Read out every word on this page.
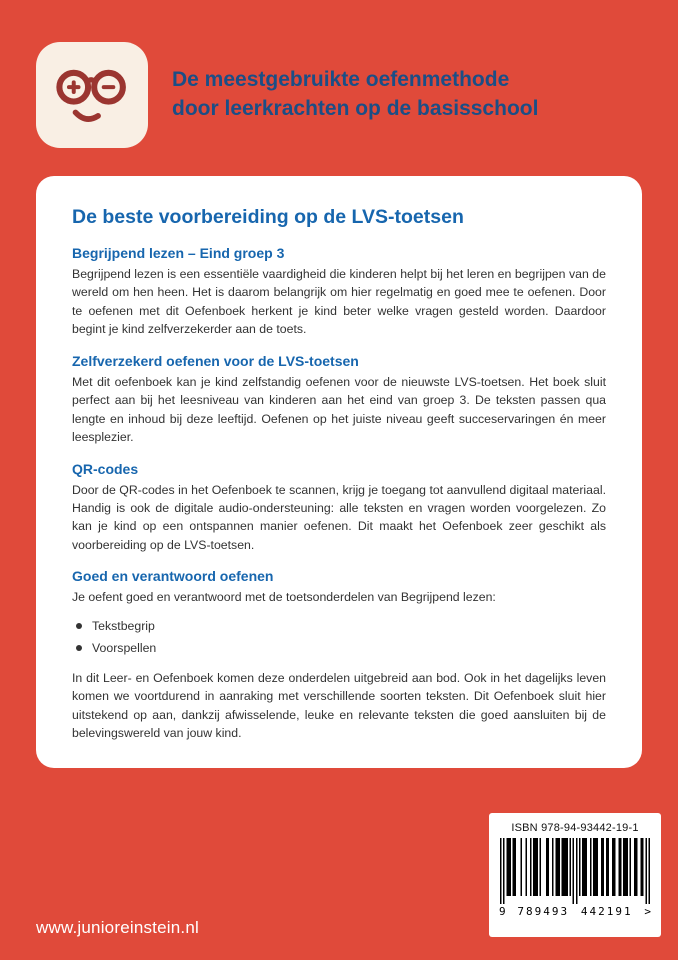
De meestgebruikte oefenmethode
door leerkrachten op de basisschool
De beste voorbereiding op de LVS-toetsen
Begrijpend lezen – Eind groep 3

Begrijpend lezen is een essentiële vaardigheid die kinderen helpt bij het leren en begrijpen van de wereld om hen heen. Het is daarom belangrijk om hier regelmatig en goed mee te oefenen. Door te oefenen met dit Oefenboek herkent je kind beter welke vragen gesteld worden. Daardoor begint je kind zelfverzekerder aan de toets.

Zelfverzekerd oefenen voor de LVS-toetsen

Met dit oefenboek kan je kind zelfstandig oefenen voor de nieuwste LVS-toetsen. Het boek sluit perfect aan bij het leesniveau van kinderen aan het eind van groep 3. De teksten passen qua lengte en inhoud bij deze leeftijd. Oefenen op het juiste niveau geeft succeservaringen én meer leesplezier.

QR-codes

Door de QR-codes in het Oefenboek te scannen, krijg je toegang tot aanvullend digitaal materiaal. Handig is ook de digitale audio-ondersteuning: alle teksten en vragen worden voorgelezen. Zo kan je kind op een ontspannen manier oefenen. Dit maakt het Oefenboek zeer geschikt als voorbereiding op de LVS-toetsen.

Goed en verantwoord oefenen

Je oefent goed en verantwoord met de toetsonderdelen van Begrijpend lezen:

Tekstbegrip
Voorspellen

In dit Leer- en Oefenboek komen deze onderdelen uitgebreid aan bod. Ook in het dagelijks leven komen we voortdurend in aanraking met verschillende soorten teksten. Dit Oefenboek sluit hier uitstekend op aan, dankzij afwisselende, leuke en relevante teksten die goed aansluiten bij de belevingswereld van jouw kind.

ISBN 978-94-93442-19-1
9 789493 442191 >
www.junioreinstein.nl
